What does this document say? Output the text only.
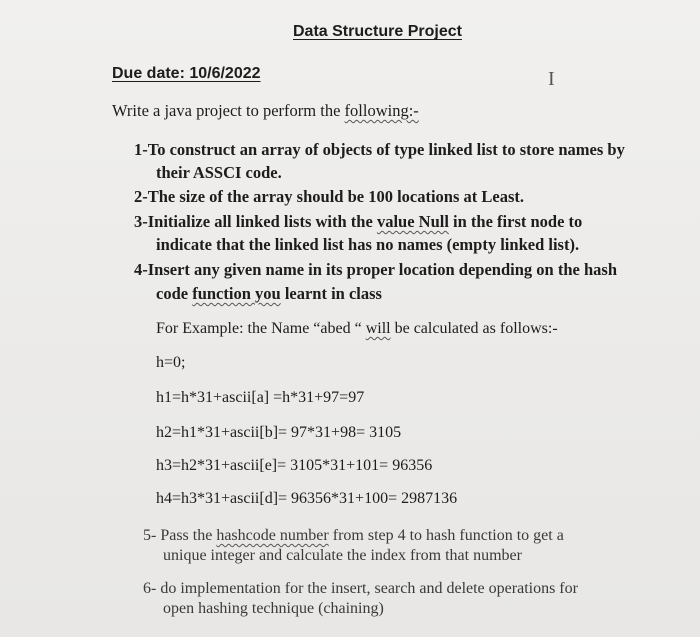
Data Structure Project
Due date: 10/6/2022	I
Write a java project to perform the following:-
1-To construct an array of objects of type linked list to store names by
their ASSCI code.
2-The size of the array should be 100 locations at Least.
3-Initialize all linked lists with the value Null in the first node to
indicate that the linked list has no names (empty linked list).
4-Insert any given name in its proper location depending on the hash
code function you learnt in class
For Example: the Name “abed “ will be calculated as follows:-
h=0;
h1=h*31+ascii[a] =h*31+97=97
h2=h1*31+ascii[b]= 97*31+98= 3105
h3=h2*31+ascii[e]= 3105*31+101= 96356
h4=h3*31+ascii[d]= 96356*31+100= 2987136
5- Pass the hashcode number from step 4 to hash function to get a
unique integer and calculate the index from that number
6- do implementation for the insert, search and delete operations for
open hashing technique (chaining)
